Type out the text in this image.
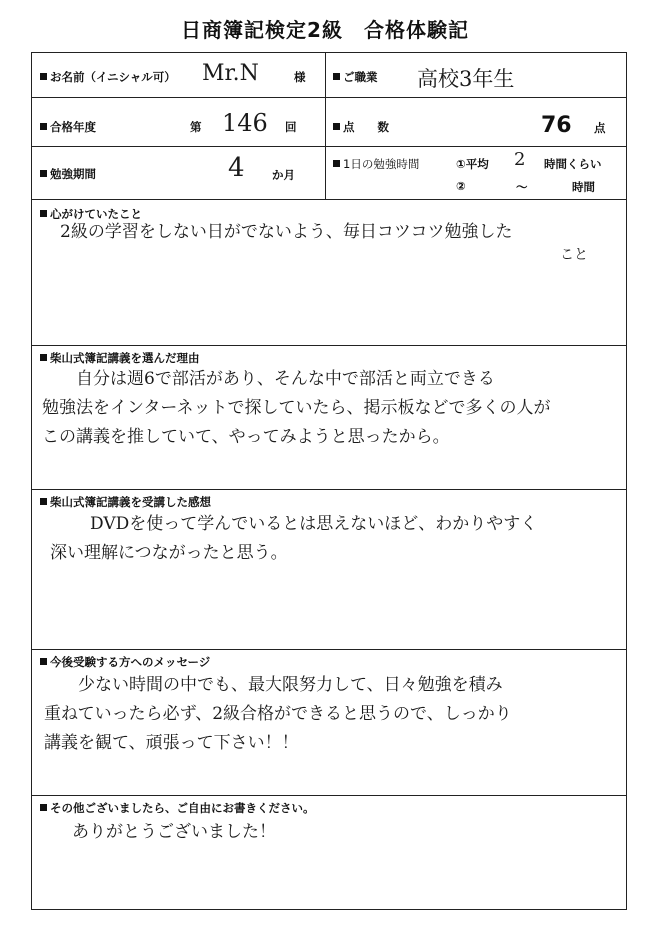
日商簿記検定2級　合格体験記
お名前（イニシャル可） Mr.N	様	ご職業 高校3年生
合格年度	第 146 回	点　　数	76 点
勉強期間	4 か月
1日の勉強時間	①平均 2 時間くらい
②	～	時間
心がけていたこと
2級の学習をしない日がでないよう、毎日コツコツ勉強した
こと
柴山式簿記講義を選んだ理由
自分は週6で部活があり、そんな中で部活と両立できる
勉強法をインターネットで探していたら、掲示板などで多くの人が
この講義を推していて、やってみようと思ったから。
柴山式簿記講義を受講した感想
DVDを使って学んでいるとは思えないほど、わかりやすく
深い理解につながったと思う。
今後受験する方へのメッセージ
少ない時間の中でも、最大限努力して、日々勉強を積み
重ねていったら必ず、2級合格ができると思うので、しっかり
講義を観て、頑張って下さい！！
その他ございましたら、ご自由にお書きください。
ありがとうございました！
